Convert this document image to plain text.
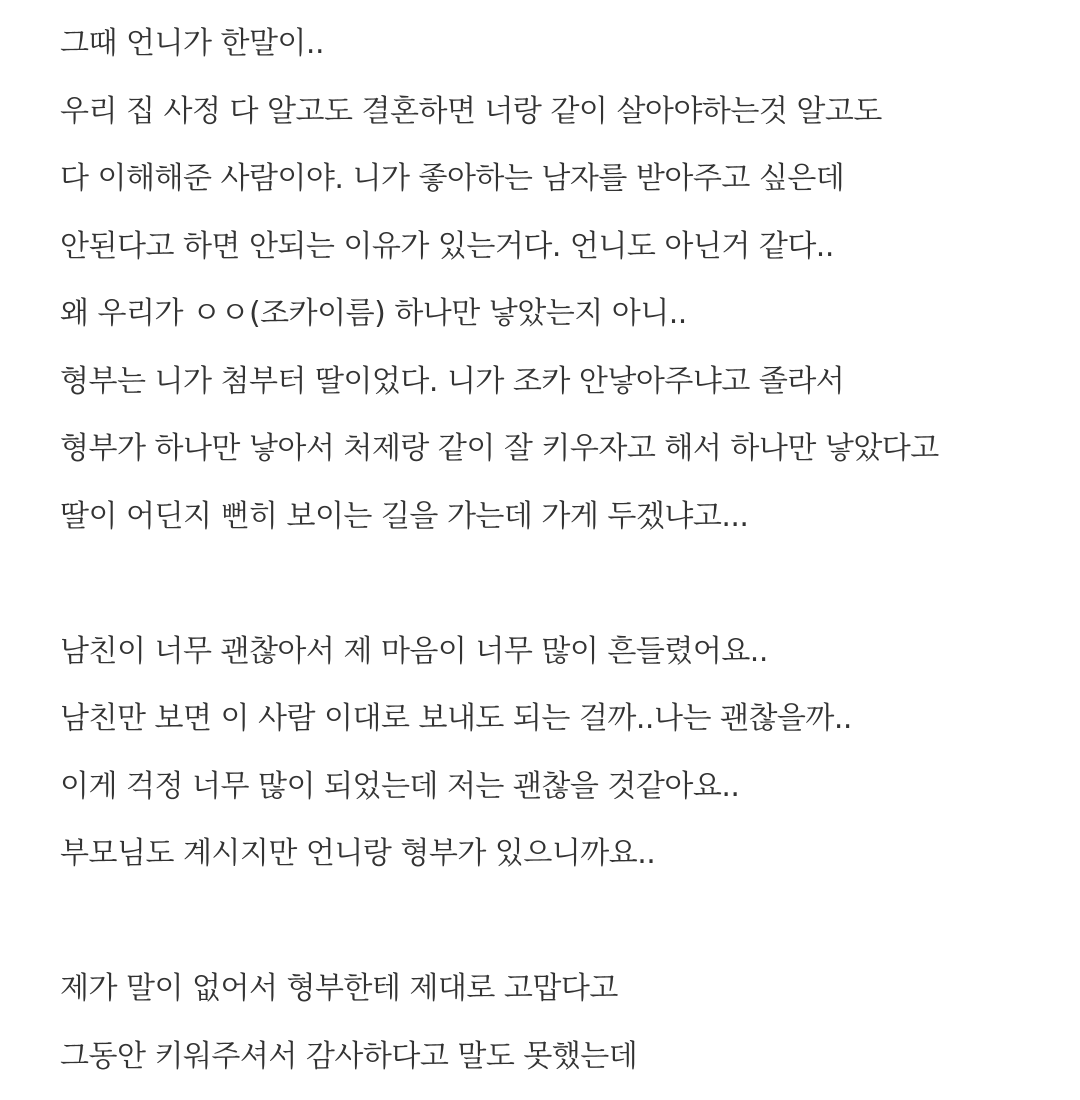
그때 언니가 한말이..
우리 집 사정 다 알고도 결혼하면 너랑 같이 살아야하는것 알고도
다 이해해준 사람이야. 니가 좋아하는 남자를 받아주고 싶은데
안된다고 하면 안되는 이유가 있는거다. 언니도 아닌거 같다..
왜 우리가 ㅇㅇ(조카이름) 하나만 낳았는지 아니..
형부는 니가 첨부터 딸이었다. 니가 조카 안낳아주냐고 졸라서
형부가 하나만 낳아서 처제랑 같이 잘 키우자고 해서 하나만 낳았다고
딸이 어딘지 뻔히 보이는 길을 가는데 가게 두겠냐고...
남친이 너무 괜찮아서 제 마음이 너무 많이 흔들렸어요..
남친만 보면 이 사람 이대로 보내도 되는 걸까..나는 괜찮을까..
이게 걱정 너무 많이 되었는데 저는 괜찮을 것같아요..
부모님도 계시지만 언니랑 형부가 있으니까요..
제가 말이 없어서 형부한테 제대로 고맙다고
그동안 키워주셔서 감사하다고 말도 못했는데
